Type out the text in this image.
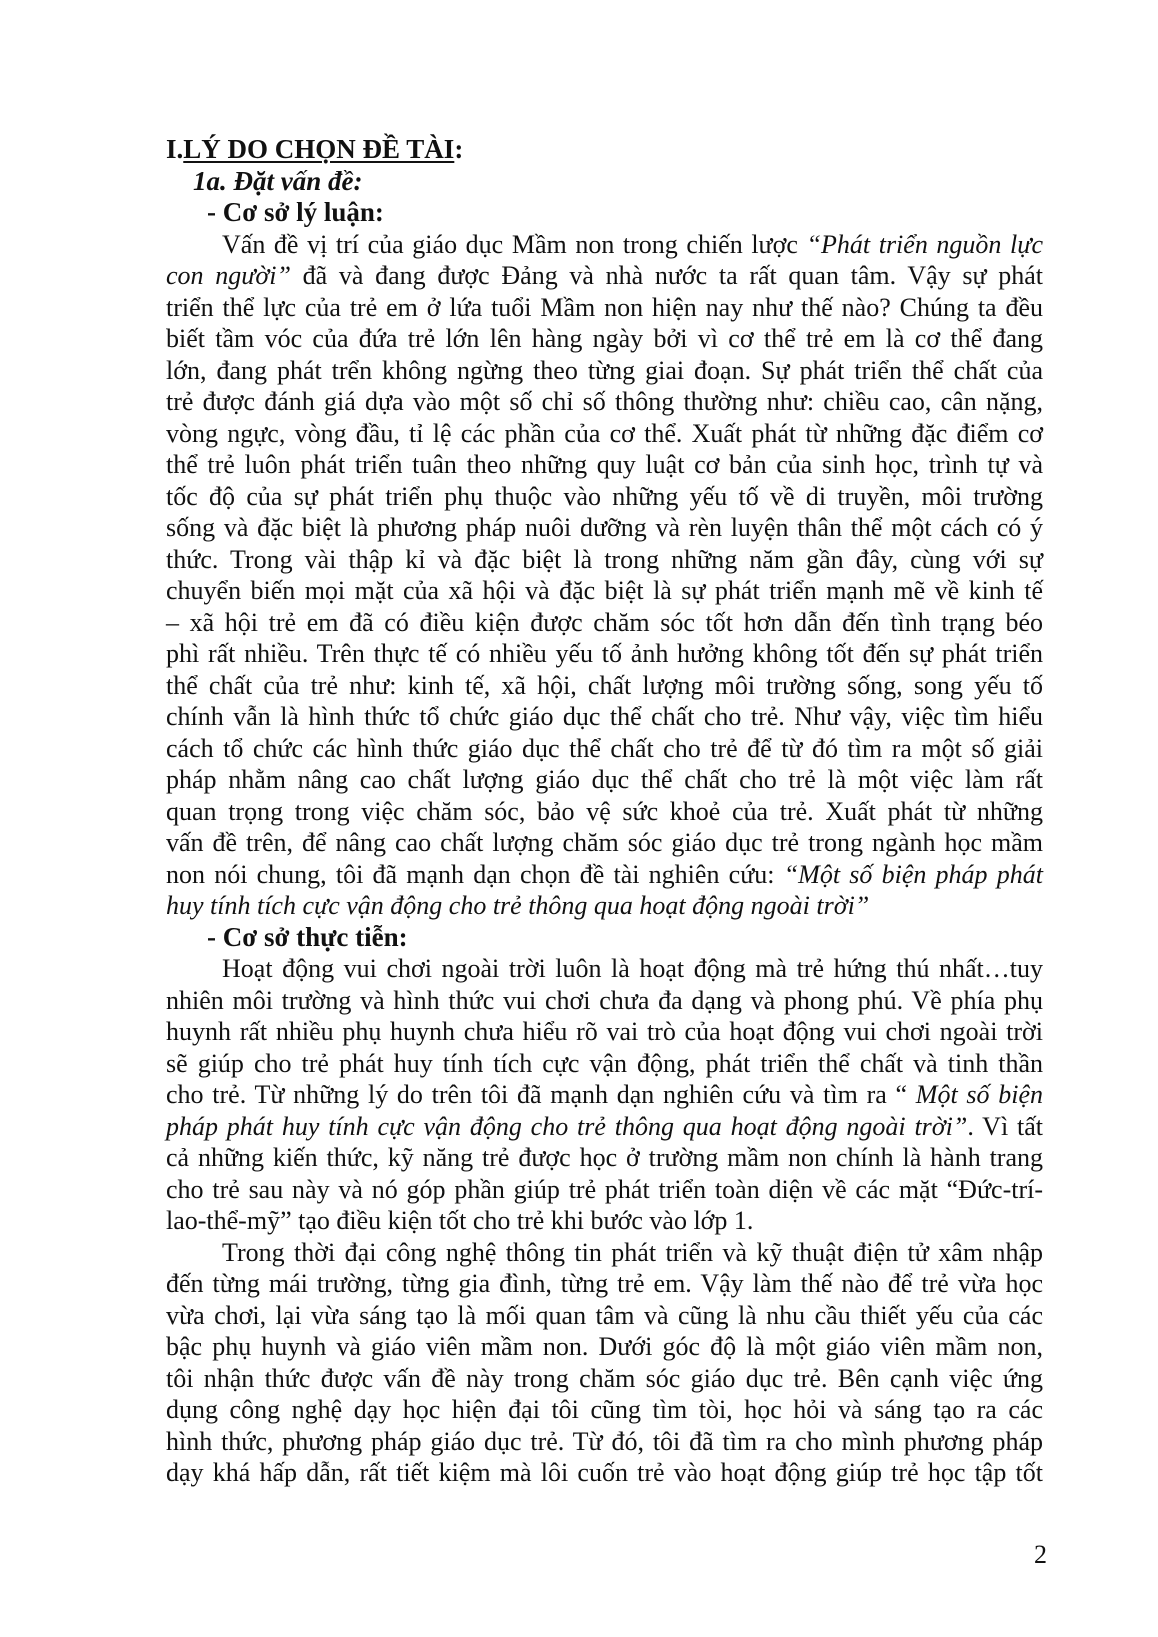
I.LÝ DO CHỌN ĐỀ TÀI:
1a. Đặt vấn đề:
- Cơ sở lý luận:
Vấn đề vị trí của giáo dục Mầm non trong chiến lược “Phát triển nguồn lực
con người” đã và đang được Đảng và nhà nước ta rất quan tâm. Vậy sự phát
triển thể lực của trẻ em ở lứa tuổi Mầm non hiện nay như thế nào? Chúng ta đều
biết tầm vóc của đứa trẻ lớn lên hàng ngày bởi vì cơ thể trẻ em là cơ thể đang
lớn, đang phát trển không ngừng theo từng giai đoạn. Sự phát triển thể chất của
trẻ được đánh giá dựa vào một số chỉ số thông thường như: chiều cao, cân nặng,
vòng ngực, vòng đầu, tỉ lệ các phần của cơ thể. Xuất phát từ những đặc điểm cơ
thể trẻ luôn phát triển tuân theo những quy luật cơ bản của sinh học, trình tự và
tốc độ của sự phát triển phụ thuộc vào những yếu tố về di truyền, môi trường
sống và đặc biệt là phương pháp nuôi dưỡng và rèn luyện thân thể một cách có ý
thức. Trong vài thập kỉ và đặc biệt là trong những năm gần đây, cùng với sự
chuyển biến mọi mặt của xã hội và đặc biệt là sự phát triển mạnh mẽ về kinh tế
– xã hội trẻ em đã có điều kiện được chăm sóc tốt hơn dẫn đến tình trạng béo
phì rất nhiều. Trên thực tế có nhiều yếu tố ảnh hưởng không tốt đến sự phát triển
thể chất của trẻ như: kinh tế, xã hội, chất lượng môi trường sống, song yếu tố
chính vẫn là hình thức tổ chức giáo dục thể chất cho trẻ. Như vậy, việc tìm hiểu
cách tổ chức các hình thức giáo dục thể chất cho trẻ để từ đó tìm ra một số giải
pháp nhằm nâng cao chất lượng giáo dục thể chất cho trẻ là một việc làm rất
quan trọng trong việc chăm sóc, bảo vệ sức khoẻ của trẻ. Xuất phát từ những
vấn đề trên, để nâng cao chất lượng chăm sóc giáo dục trẻ trong ngành học mầm
non nói chung, tôi đã mạnh dạn chọn đề tài nghiên cứu: “Một số biện pháp phát
huy tính tích cực vận động cho trẻ thông qua hoạt động ngoài trời”
- Cơ sở thực tiễn:
Hoạt động vui chơi ngoài trời luôn là hoạt động mà trẻ hứng thú nhất…tuy
nhiên môi trường và hình thức vui chơi chưa đa dạng và phong phú. Về phía phụ
huynh rất nhiều phụ huynh chưa hiểu rõ vai trò của hoạt động vui chơi ngoài trời
sẽ giúp cho trẻ phát huy tính tích cực vận động, phát triển thể chất và tinh thần
cho trẻ. Từ những lý do trên tôi đã mạnh dạn nghiên cứu và tìm ra “ Một số biện
pháp phát huy tính cực vận động cho trẻ thông qua hoạt động ngoài trời”. Vì tất
cả những kiến thức, kỹ năng trẻ được học ở trường mầm non chính là hành trang
cho trẻ sau này và nó góp phần giúp trẻ phát triển toàn diện về các mặt “Đức-trí-
lao-thể-mỹ” tạo điều kiện tốt cho trẻ khi bước vào lớp 1.
Trong thời đại công nghệ thông tin phát triển và kỹ thuật điện tử xâm nhập
đến từng mái trường, từng gia đình, từng trẻ em. Vậy làm thế nào để trẻ vừa học
vừa chơi, lại vừa sáng tạo là mối quan tâm và cũng là nhu cầu thiết yếu của các
bậc phụ huynh và giáo viên mầm non. Dưới góc độ là một giáo viên mầm non,
tôi nhận thức được vấn đề này trong chăm sóc giáo dục trẻ. Bên cạnh việc ứng
dụng công nghệ dạy học hiện đại tôi cũng tìm tòi, học hỏi và sáng tạo ra các
hình thức, phương pháp giáo dục trẻ. Từ đó, tôi đã tìm ra cho mình phương pháp
dạy khá hấp dẫn, rất tiết kiệm mà lôi cuốn trẻ vào hoạt động giúp trẻ học tập tốt
2
